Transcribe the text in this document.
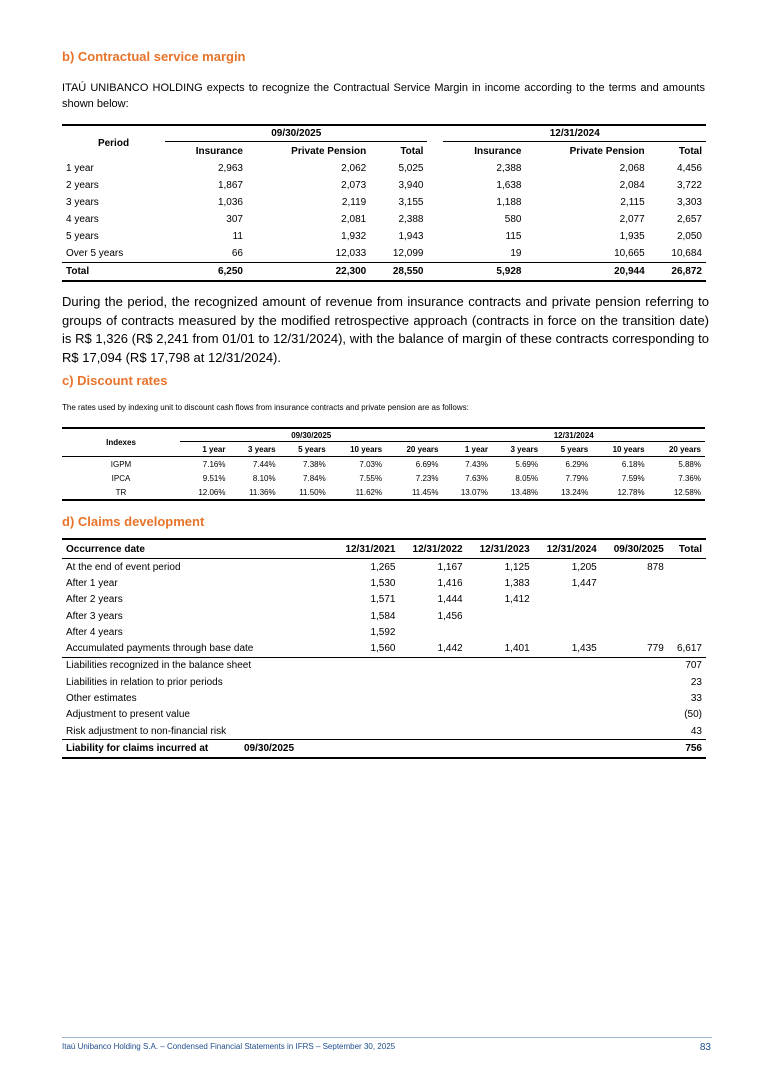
b) Contractual service margin

ITAÚ UNIBANCO HOLDING expects to recognize the Contractual Service Margin in income according to the terms and amounts shown below:

Period	09/30/2025				12/31/2024		
	Insurance	Private Pension	Total		Insurance	Private Pension	Total
1 year	2,963	2,062	5,025		2,388	2,068	4,456
2 years	1,867	2,073	3,940		1,638	2,084	3,722
3 years	1,036	2,119	3,155		1,188	2,115	3,303
4 years	307	2,081	2,388		580	2,077	2,657
5 years	11	1,932	1,943		115	1,935	2,050
Over 5 years	66	12,033	12,099		19	10,665	10,684
Total	6,250	22,300	28,550		5,928	20,944	26,872

During the period, the recognized amount of revenue from insurance contracts and private pension referring to groups of contracts measured by the modified retrospective approach (contracts in force on the transition date) is R$ 1,326 (R$ 2,241 from 01/01 to 12/31/2024), with the balance of margin of these contracts corresponding to R$ 17,094 (R$ 17,798 at 12/31/2024).

c) Discount rates

The rates used by indexing unit to discount cash flows from insurance contracts and private pension are as follows:

Indexes	09/30/2025					12/31/2024				
	1 year	3 years	5 years	10 years	20 years	1 year	3 years	5 years	10 years	20 years
IGPM	7.16%	7.44%	7.38%	7.03%	6.69%	7.43%	5.69%	6.29%	6.18%	5.88%
IPCA	9.51%	8.10%	7.84%	7.55%	7.23%	7.63%	8.05%	7.79%	7.59%	7.36%
TR	12.06%	11.36%	11.50%	11.62%	11.45%	13.07%	13.48%	13.24%	12.78%	12.58%
d) Claims development
Occurrence date		12/31/2021	12/31/2022	12/31/2023	12/31/2024	09/30/2025	Total
At the end of event period		1,265	1,167	1,125	1,205	878	
After 1 year		1,530	1,416	1,383	1,447		
After 2 years		1,571	1,444	1,412			
After 3 years		1,584	1,456				
After 4 years		1,592					
Accumulated payments through base date		1,560	1,442	1,401	1,435	779	6,617
Liabilities recognized in the balance sheet							707
Liabilities in relation to prior periods							23
Other estimates							33
Adjustment to present value							(50)
Risk adjustment to non-financial risk							43
Liability for claims incurred at	09/30/2025						756
Itaú Unibanco Holding S.A. – Condensed Financial Statements in IFRS – September 30, 2025	83
